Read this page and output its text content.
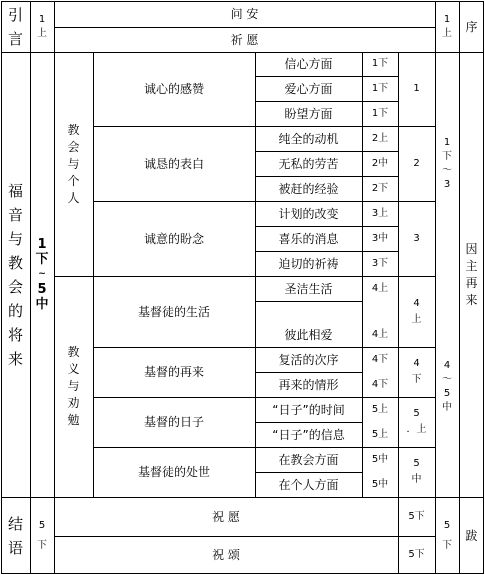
引
言
1
上
问 安
祈 愿
1
上	序
福
音
与
教
会
的
将
来
1
下
~
5
中
教
会
与
个
人
诚心的感赞
诚恳的表白
诚意的盼念
信心方面
爱心方面
盼望方面
纯全的动机
无私的劳苦
被赶的经验
计划的改变
喜乐的消息
迫切的祈祷
1下
1下
1下
2上
2中
2下
3上
3中
3下
1
2
3
1
下
～
3
教
义
与
劝
勉
基督徒的生活
基督的再来
基督的日子
基督徒的处世
圣洁生活
彼此相爱
复活的次序
再来的情形
“日子”的时间
“日子”的信息
在教会方面
在个人方面
4上
4上
4下
4下
5上
5上
5中
5中
4
上
4
下
5
．上
5
中
4
～
5
中
因
主
再
来
结
语
5
下
祝 愿
祝 颂
5下
5下
5
下
跋
